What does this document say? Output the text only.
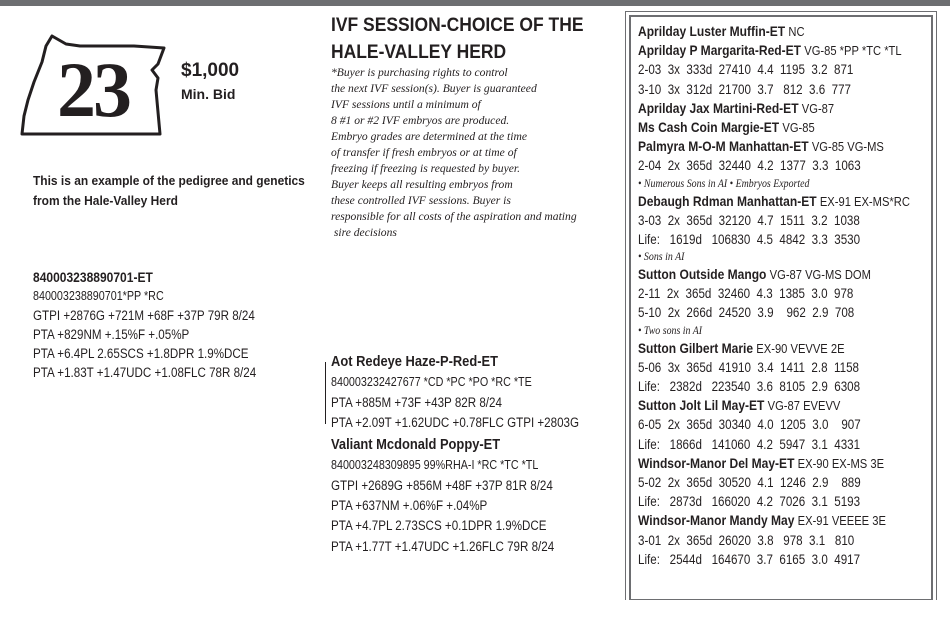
23	$1,000
Min. Bid
IVF SESSION-CHOICE OF THE
HALE-VALLEY HERD
*Buyer is purchasing rights to control
the next IVF session(s). Buyer is guaranteed
IVF sessions until a minimum of
8 #1 or #2 IVF embryos are produced.
Embryo grades are determined at the time
of transfer if fresh embryos or at time of
freezing if freezing is requested by buyer.
Buyer keeps all resulting embryos from
these controlled IVF sessions. Buyer is
responsible for all costs of the aspiration and mating
sire decisions
This is an example of the pedigree and genetics
from the Hale-Valley Herd
840003238890701-ET
840003238890701*PP *RC
GTPI +2876G +721M +68F +37P 79R 8/24
PTA +829NM +.15%F +.05%P
PTA +6.4PL 2.65SCS +1.8DPR 1.9%DCE
PTA +1.83T +1.47UDC +1.08FLC 78R 8/24
Aot Redeye Haze-P-Red-ET
840003232427677 *CD *PC *PO *RC *TE
PTA +885M +73F +43P 82R 8/24
PTA +2.09T +1.62UDC +0.78FLC GTPI +2803G
Valiant Mcdonald Poppy-ET
840003248309895 99%RHA-I *RC *TC *TL
GTPI +2689G +856M +48F +37P 81R 8/24
PTA +637NM +.06%F +.04%P
PTA +4.7PL 2.73SCS +0.1DPR 1.9%DCE
PTA +1.77T +1.47UDC +1.26FLC 79R 8/24
Aprilday Luster Muffin-ET NC
Aprilday P Margarita-Red-ET VG-85 *PP *TC *TL
2-03  3x  333d  27410  4.4  1195  3.2  871
3-10  3x  312d  21700  3.7   812  3.6  777
Aprilday Jax Martini-Red-ET VG-87
Ms Cash Coin Margie-ET VG-85
Palmyra M-O-M Manhattan-ET VG-85 VG-MS
2-04  2x  365d  32440  4.2  1377  3.3  1063
• Numerous Sons in AI • Embryos Exported
Debaugh Rdman Manhattan-ET EX-91 EX-MS*RC
3-03  2x  365d  32120  4.7  1511  3.2  1038
Life:   1619d   106830  4.5  4842  3.3  3530
• Sons in AI
Sutton Outside Mango VG-87 VG-MS DOM
2-11  2x  365d  32460  4.3  1385  3.0  978
5-10  2x  266d  24520  3.9    962  2.9  708
• Two sons in AI
Sutton Gilbert Marie EX-90 VEVVE 2E
5-06  3x  365d  41910  3.4  1411  2.8  1158
Life:   2382d   223540  3.6  8105  2.9  6308
Sutton Jolt Lil May-ET VG-87 EVEVV
6-05  2x  365d  30340  4.0  1205  3.0    907
Life:   1866d   141060  4.2  5947  3.1  4331
Windsor-Manor Del May-ET EX-90 EX-MS 3E
5-02  2x  365d  30520  4.1  1246  2.9    889
Life:   2873d   166020  4.2  7026  3.1  5193
Windsor-Manor Mandy May EX-91 VEEEE 3E
3-01  2x  365d  26020  3.8   978  3.1   810
Life:   2544d   164670  3.7  6165  3.0  4917
